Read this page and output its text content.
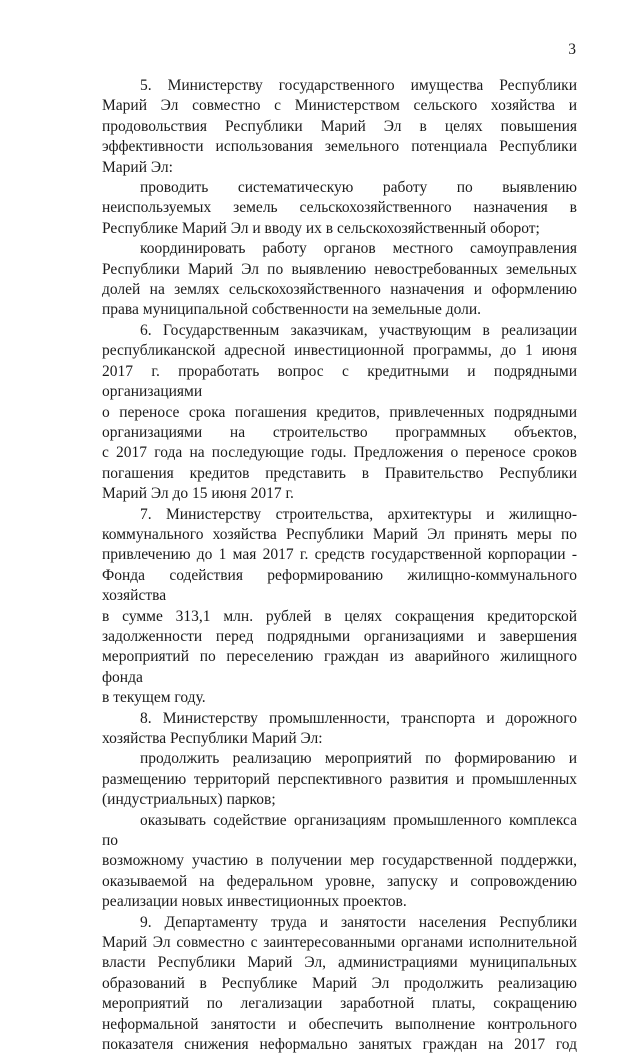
3

5. Министерству государственного имущества Республики

Марий Эл совместно с Министерством сельского хозяйства и

продовольствия Республики Марий Эл в целях повышения

эффективности использования земельного потенциала Республики

Марий Эл:

проводить систематическую работу по выявлению

неиспользуемых земель сельскохозяйственного назначения в

Республике Марий Эл и вводу их в сельскохозяйственный оборот;

координировать работу органов местного самоуправления

Республики Марий Эл по выявлению невостребованных земельных

долей на землях сельскохозяйственного назначения и оформлению

права муниципальной собственности на земельные доли.

6. Государственным заказчикам, участвующим в реализации

республиканской адресной инвестиционной программы, до 1 июня

2017 г. проработать вопрос с кредитными и подрядными организациями

о переносе срока погашения кредитов, привлеченных подрядными

организациями на строительство программных объектов,

с 2017 года на последующие годы. Предложения о переносе сроков

погашения кредитов представить в Правительство Республики

Марий Эл до 15 июня 2017 г.

7. Министерству строительства, архитектуры и жилищно-

коммунального хозяйства Республики Марий Эл принять меры по

привлечению до 1 мая 2017 г. средств государственной корпорации -

Фонда содействия реформированию жилищно-коммунального хозяйства

в сумме 313,1 млн. рублей в целях сокращения кредиторской

задолженности перед подрядными организациями и завершения

мероприятий по переселению граждан из аварийного жилищного фонда

в текущем году.

8. Министерству промышленности, транспорта и дорожного

хозяйства Республики Марий Эл:

продолжить реализацию мероприятий по формированию и

размещению территорий перспективного развития и промышленных

(индустриальных) парков;

оказывать содействие организациям промышленного комплекса по

возможному участию в получении мер государственной поддержки,

оказываемой на федеральном уровне, запуску и сопровождению

реализации новых инвестиционных проектов.

9. Департаменту труда и занятости населения Республики

Марий Эл совместно с заинтересованными органами исполнительной

власти Республики Марий Эл, администрациями муниципальных

образований в Республике Марий Эл продолжить реализацию

мероприятий по легализации заработной платы, сокращению

неформальной занятости и обеспечить выполнение контрольного

показателя снижения неформально занятых граждан на 2017 год
